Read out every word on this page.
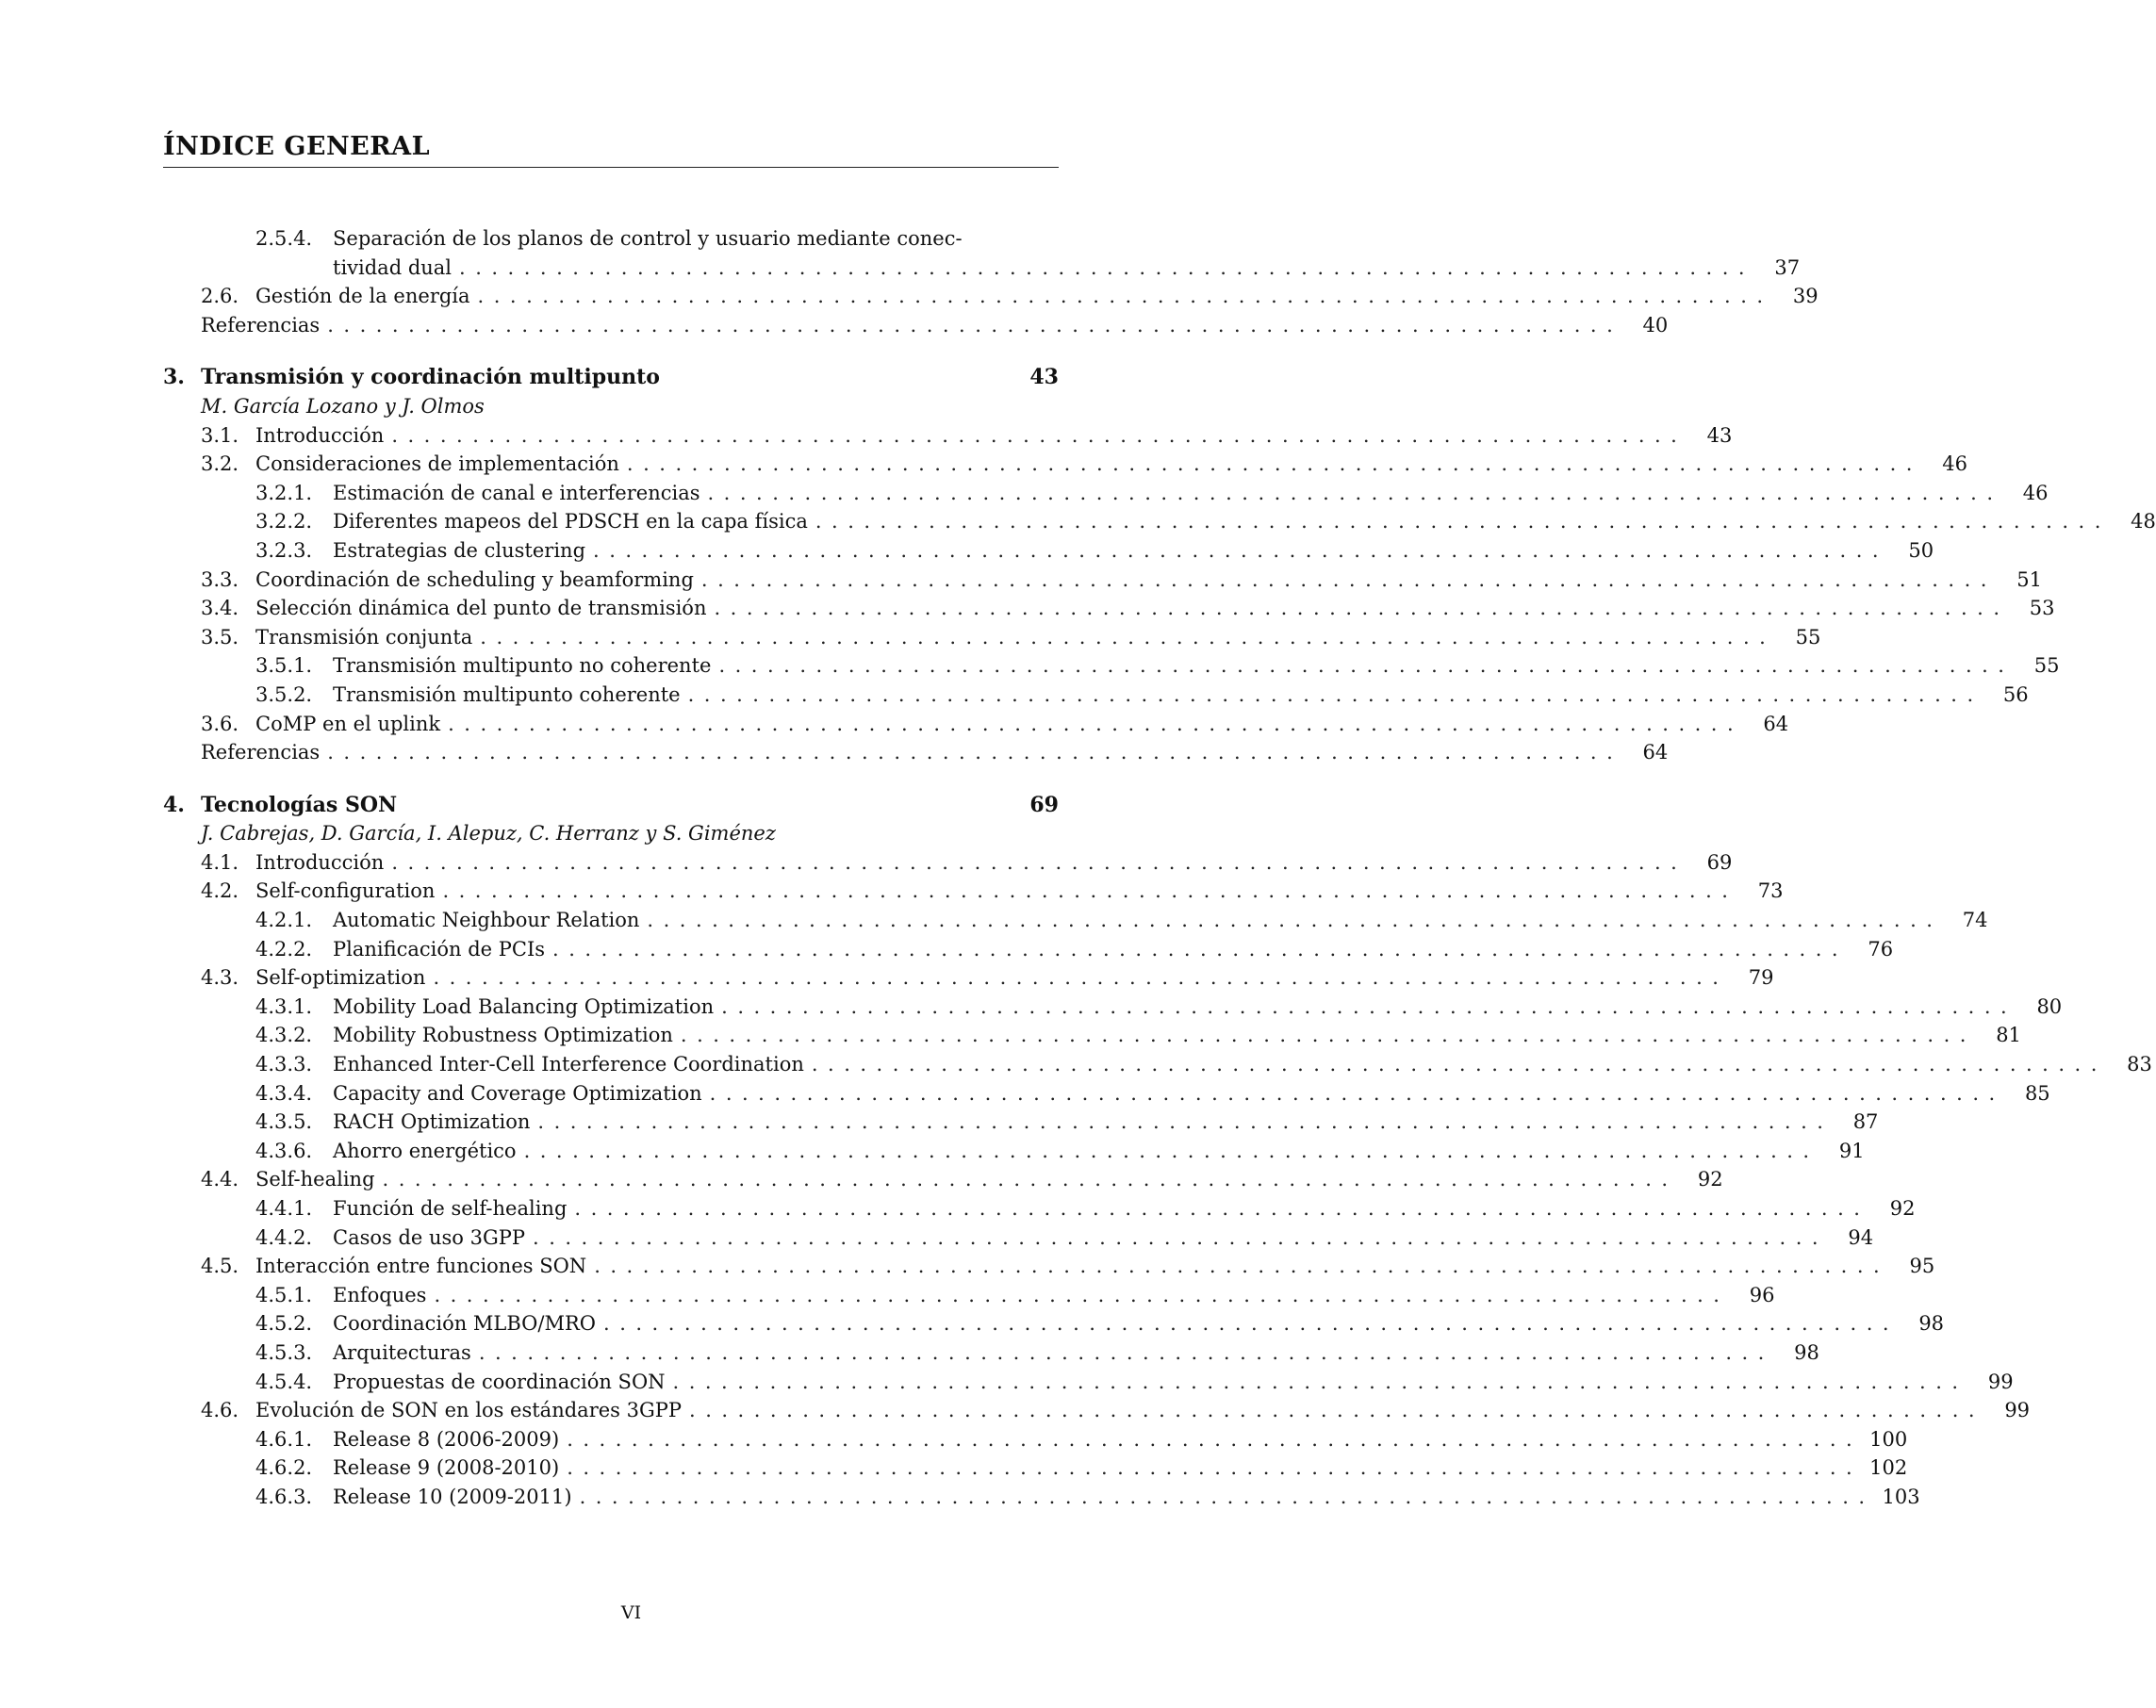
ÍNDICE GENERAL
2.5.4. Separación de los planos de control y usuario mediante conec-
tividad dual ................................................................................	37
2.6. Gestión de la energía ................................................................................	39
Referencias ................................................................................	40
3. Transmisión y coordinación multipunto	43
M. García Lozano y J. Olmos
3.1. Introducción ................................................................................	43
3.2. Consideraciones de implementación ................................................................................	46
3.2.1. Estimación de canal e interferencias ................................................................................	46
3.2.2. Diferentes mapeos del PDSCH en la capa física ................................................................................	48
3.2.3. Estrategias de clustering ................................................................................	50
3.3. Coordinación de scheduling y beamforming ................................................................................	51
3.4. Selección dinámica del punto de transmisión ................................................................................	53
3.5. Transmisión conjunta ................................................................................	55
3.5.1. Transmisión multipunto no coherente ................................................................................	55
3.5.2. Transmisión multipunto coherente ................................................................................	56
3.6. CoMP en el uplink ................................................................................	64
Referencias ................................................................................	64
4. Tecnologías SON	69
J. Cabrejas, D. García, I. Alepuz, C. Herranz y S. Giménez
4.1. Introducción ................................................................................	69
4.2. Self-configuration ................................................................................	73
4.2.1. Automatic Neighbour Relation ................................................................................	74
4.2.2. Planificación de PCIs ................................................................................	76
4.3. Self-optimization ................................................................................	79
4.3.1. Mobility Load Balancing Optimization ................................................................................	80
4.3.2. Mobility Robustness Optimization ................................................................................	81
4.3.3. Enhanced Inter-Cell Interference Coordination ................................................................................	83
4.3.4. Capacity and Coverage Optimization ................................................................................	85
4.3.5. RACH Optimization ................................................................................	87
4.3.6. Ahorro energético ................................................................................	91
4.4. Self-healing ................................................................................	92
4.4.1. Función de self-healing ................................................................................	92
4.4.2. Casos de uso 3GPP ................................................................................	94
4.5. Interacción entre funciones SON ................................................................................	95
4.5.1. Enfoques ................................................................................	96
4.5.2. Coordinación MLBO/MRO ................................................................................	98
4.5.3. Arquitecturas ................................................................................	98
4.5.4. Propuestas de coordinación SON ................................................................................	99
4.6. Evolución de SON en los estándares 3GPP ................................................................................	99
4.6.1. Release 8 (2006-2009) ................................................................................ 100
4.6.2. Release 9 (2008-2010) ................................................................................ 102
4.6.3. Release 10 (2009-2011) ................................................................................ 103
VI
